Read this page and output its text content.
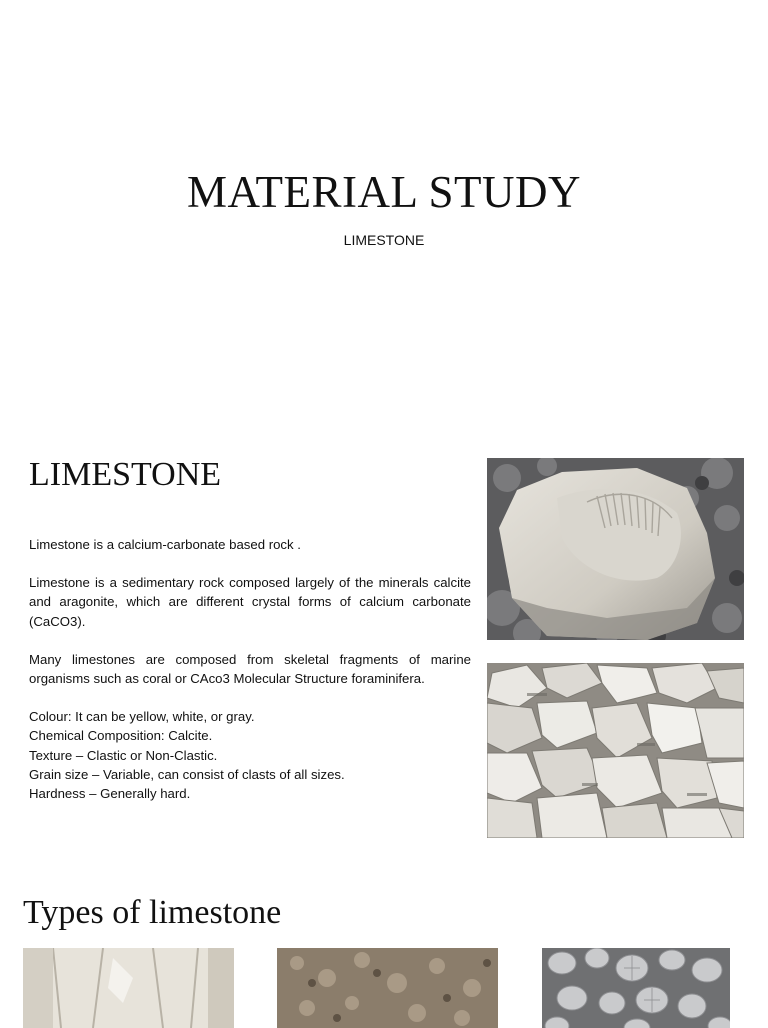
MATERIAL STUDY
LIMESTONE
LIMESTONE

Limestone is a calcium-carbonate based rock .

Limestone is a sedimentary rock composed largely of the minerals calcite and aragonite, which are different crystal forms of calcium carbonate (CaCO3).

Many limestones are composed from skeletal fragments of marine organisms such as coral or CAco3 Molecular Structure foraminifera.

Colour: It can be yellow, white, or gray.

Chemical Composition: Calcite.

Texture – Clastic or Non-Clastic.

Grain size – Variable, can consist of clasts of all sizes.

Hardness – Generally hard.

Types of limestone
